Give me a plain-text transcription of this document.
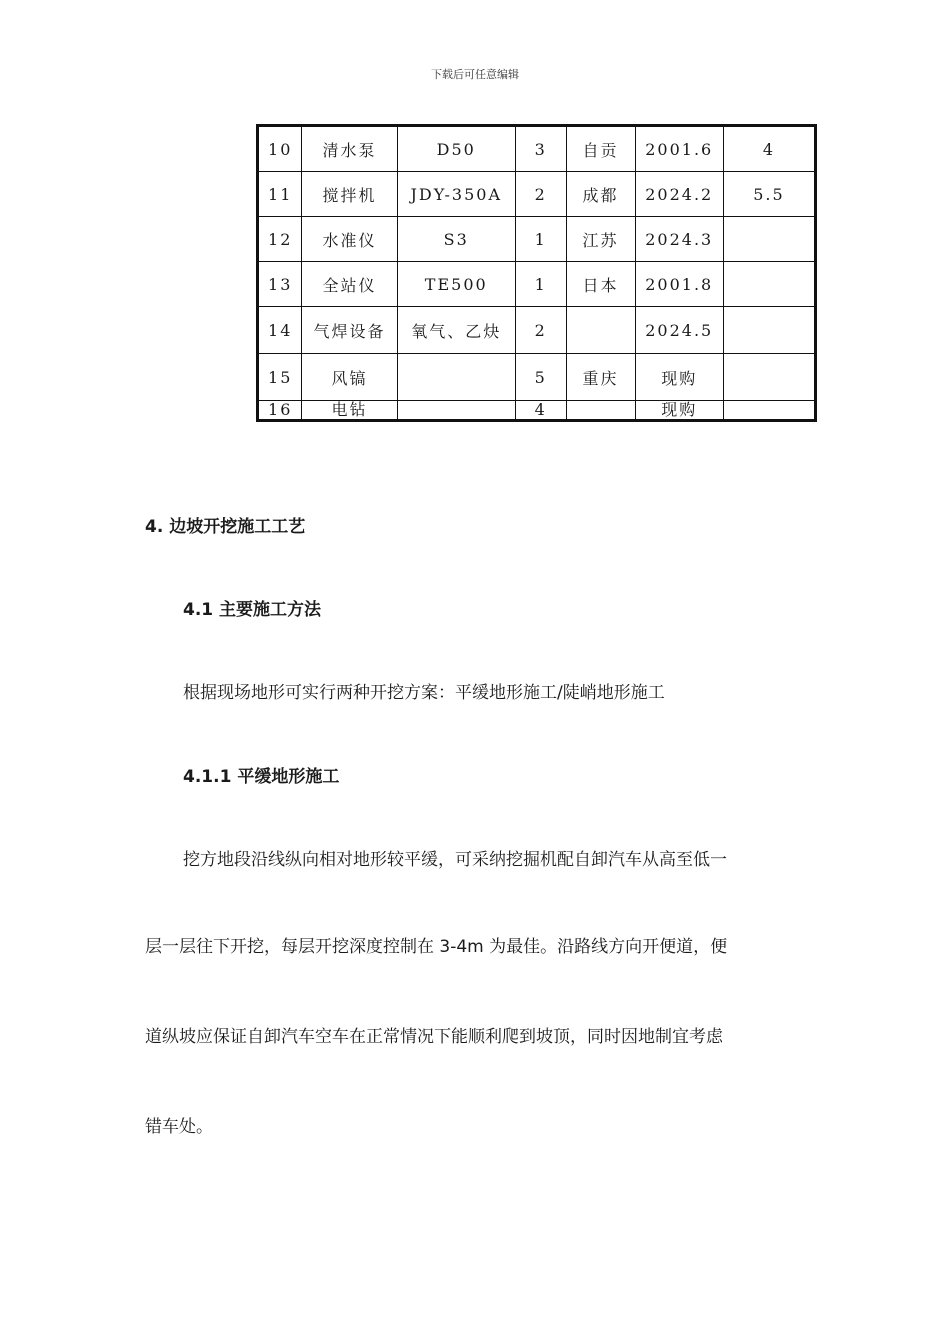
下载后可任意编辑
10	清水泵	D50	3	自贡	2001.6	4
11	搅拌机	JDY-350A	2	成都	2024.2	5.5
12	水准仪	S3	1	江苏	2024.3	
13	全站仪	TE500	1	日本	2001.8	
14	气焊设备	氧气、乙炔	2		2024.5	
15	风镐		5	重庆	现购	
16	电钻		4		现购	
4. 边坡开挖施工工艺
4.1 主要施工方法
根据现场地形可实行两种开挖方案：平缓地形施工/陡峭地形施工
4.1.1 平缓地形施工
挖方地段沿线纵向相对地形较平缓，可采纳挖掘机配自卸汽车从高至低一
层一层往下开挖，每层开挖深度控制在 3-4m 为最佳。沿路线方向开便道，便
道纵坡应保证自卸汽车空车在正常情况下能顺利爬到坡顶，同时因地制宜考虑
错车处。
